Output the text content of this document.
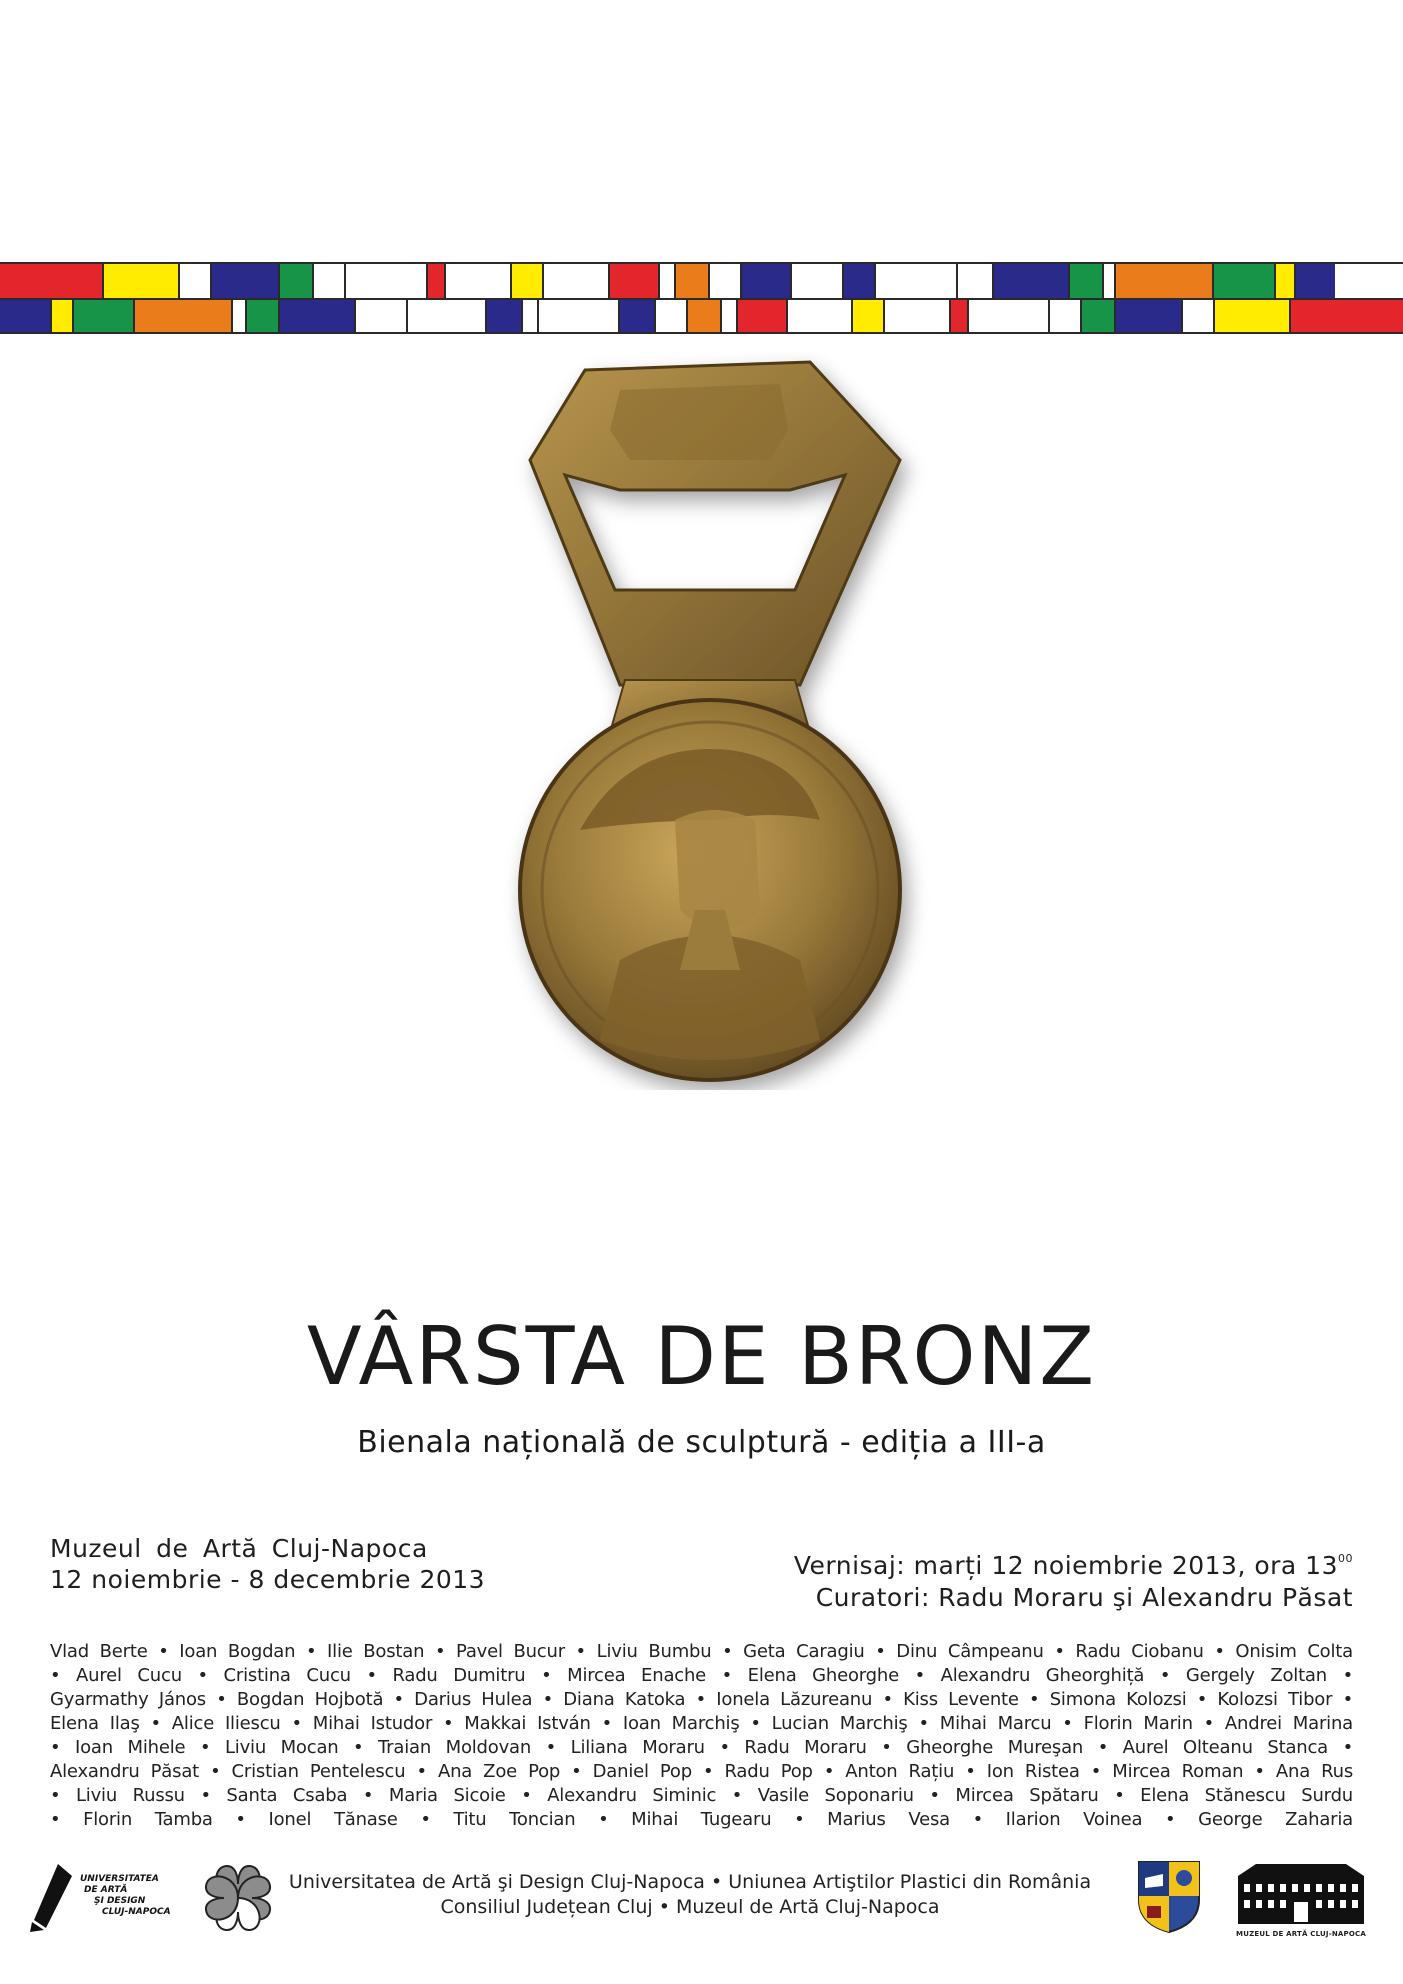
VÂRSTA DE BRONZ
Bienala națională de sculptură - ediția a III-a
Muzeul de Artă Cluj-Napoca
12 noiembrie - 8 decembrie 2013	Vernisaj: marți 12 noiembrie 2013, ora $13^{00}$
Curatori: Radu Moraru şi Alexandru Păsat
Vlad Berte • Ioan Bogdan • Ilie Bostan • Pavel Bucur • Liviu Bumbu • Geta Caragiu • Dinu Câmpeanu • Radu Ciobanu • Onisim Colta
• Aurel Cucu • Cristina Cucu • Radu Dumitru • Mircea Enache • Elena Gheorghe • Alexandru Gheorghiță • Gergely Zoltan •
Gyarmathy János • Bogdan Hojbotă • Darius Hulea • Diana Katoka • Ionela Lăzureanu • Kiss Levente • Simona Kolozsi • Kolozsi Tibor •
Elena Ilaş • Alice Iliescu • Mihai Istudor • Makkai István • Ioan Marchiş • Lucian Marchiş • Mihai Marcu • Florin Marin • Andrei Marina
• Ioan Mihele • Liviu Mocan • Traian Moldovan • Liliana Moraru • Radu Moraru • Gheorghe Mureşan • Aurel Olteanu Stanca •
Alexandru Păsat • Cristian Pentelescu • Ana Zoe Pop • Daniel Pop • Radu Pop • Anton Rațiu • Ion Ristea • Mircea Roman • Ana Rus
• Liviu Russu • Santa Csaba • Maria Sicoie • Alexandru Siminic • Vasile Soponariu • Mircea Spătaru • Elena Stănescu Surdu
• Florin Tamba • Ionel Tănase • Titu Toncian • Mihai Tugearu • Marius Vesa • Ilarion Voinea • George Zaharia
UNIVERSITATEA
DE ARTĂ
ŞI DESIGN
CLUJ-NAPOCA
Universitatea de Artă şi Design Cluj-Napoca • Uniunea Artiştilor Plastici din România
Consiliul Județean Cluj • Muzeul de Artă Cluj-Napoca
MUZEUL DE ARTĂ CLUJ-NAPOCA
